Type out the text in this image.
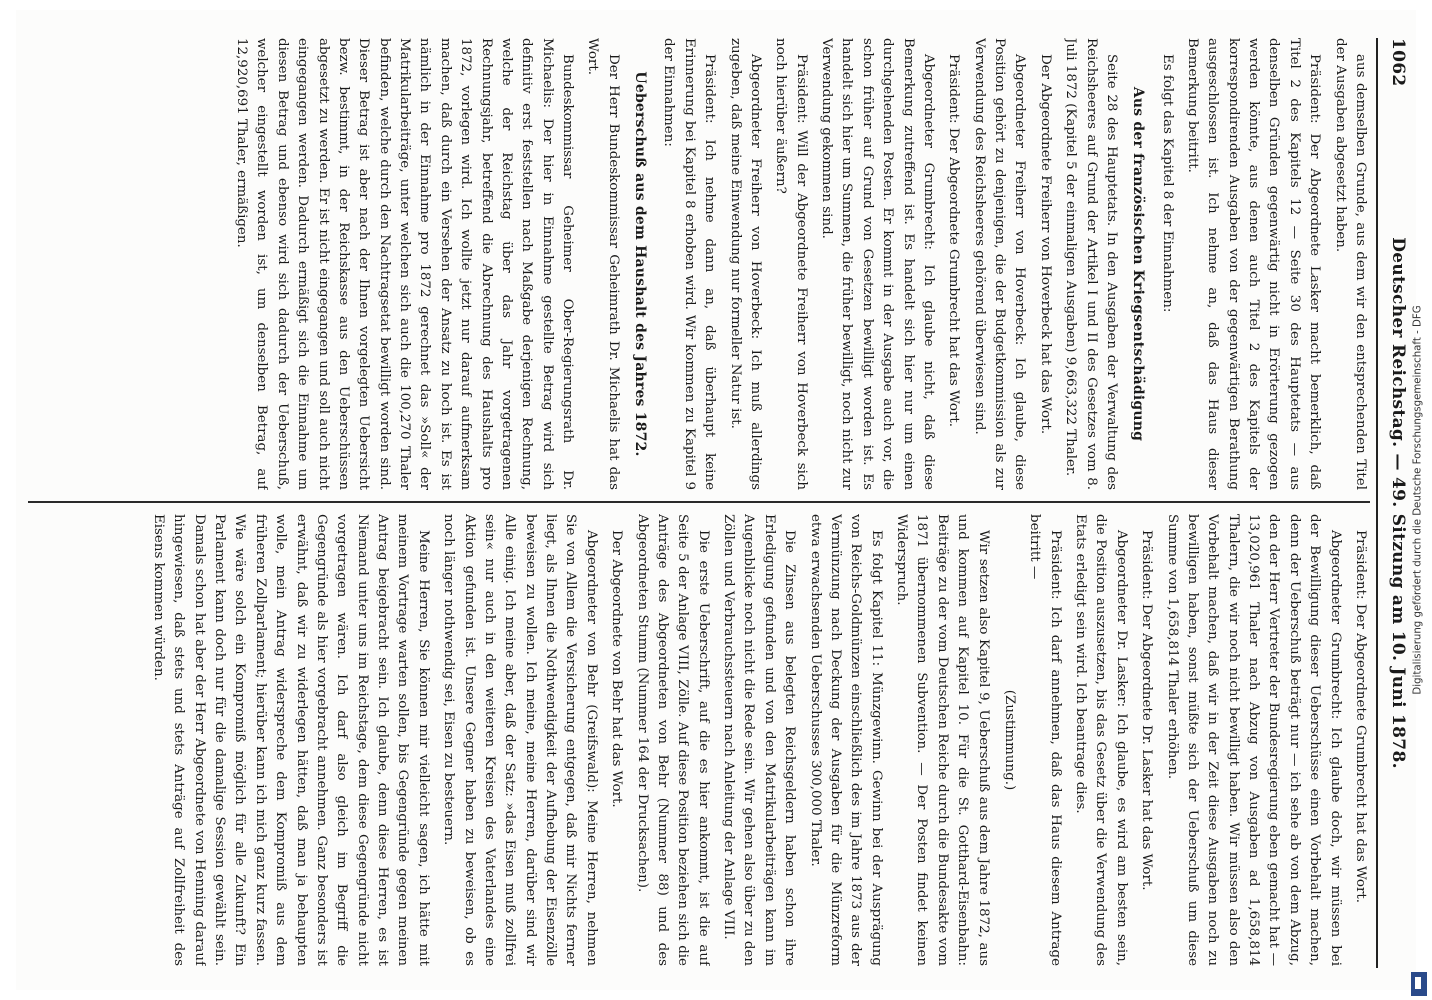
1062
Deutscher Reichstag. — 49. Sitzung am 10. Juni 1878.

aus demselben Grunde, aus dem wir den entsprechenden Titel der Ausgaben abgesetzt haben.

Präsident: Der Abgeordnete Lasker macht bemerklich, daß Titel 2 des Kapitels 12 — Seite 30 des Hauptetats — aus denselben Gründen gegenwärtig nicht in Erörterung gezogen werden könnte, aus denen auch Titel 2 des Kapitels der korrespondirenden Ausgaben von der gegenwärtigen Berathung ausgeschlossen ist. Ich nehme an, daß das Haus dieser Bemerkung beitritt.

Es folgt das Kapitel 8 der Einnahmen:

Aus der französischen Kriegsentschädigung

Seite 28 des Hauptetats. In den Ausgaben der Verwaltung des Reichsheeres auf Grund der Artikel I und II des Gesetzes vom 8. Juli 1872 (Kapitel 5 der einmaligen Ausgaben) 9,663,322 Thaler.

Der Abgeordnete Freiherr von Hoverbeck hat das Wort.

Abgeordneter Freiherr von Hoverbeck: Ich glaube, diese Position gehört zu denjenigen, die der Budgetkommission als zur Verwendung des Reichsheeres gehörend überwiesen sind.

Präsident: Der Abgeordnete Grumbrecht hat das Wort.

Abgeordneter Grumbrecht: Ich glaube nicht, daß diese Bemerkung zutreffend ist. Es handelt sich hier nur um einen durchgehenden Posten. Er kommt in der Ausgabe auch vor, die schon früher auf Grund von Gesetzen bewilligt worden ist. Es handelt sich hier um Summen, die früher bewilligt, noch nicht zur Verwendung gekommen sind.

Präsident: Will der Abgeordnete Freiherr von Hoverbeck sich noch hierüber äußern?

Abgeordneter Freiherr von Hoverbeck: Ich muß allerdings zugeben, daß meine Einwendung nur formeller Natur ist.

Präsident: Ich nehme dann an, daß überhaupt keine Erinnerung bei Kapitel 8 erhoben wird. Wir kommen zu Kapitel 9 der Einnahmen:

Ueberschuß aus dem Haushalt des Jahres 1872.

Der Herr Bundeskommissar Geheimrath Dr. Michaelis hat das Wort.

Bundeskommissar Geheimer Ober-Regierungsrath Dr. Michaelis: Der hier in Einnahme gestellte Betrag wird sich definitiv erst feststellen nach Maßgabe derjenigen Rechnung, welche der Reichstag über das Jahr vorgetragenen Rechnungsjahr, betreffend die Abrechnung des Haushalts pro 1872, vorlegen wird. Ich wollte jetzt nur darauf aufmerksam machen, daß durch ein Versehen der Ansatz zu hoch ist. Es ist nämlich in der Einnahme pro 1872 gerechnet das »Soll« der Matrikularbeiträge, unter welchen sich auch die 100,270 Thaler befinden, welche durch den Nachtragsetat bewilligt worden sind. Dieser Betrag ist aber nach der Ihnen vorgelegten Uebersicht bezw. bestimmt, in der Reichskasse aus den Ueberschüssen abgesetzt zu werden. Er ist nicht eingegangen und soll auch nicht eingegangen werden. Dadurch ermäßigt sich die Einnahme um diesen Betrag und ebenso wird sich dadurch der Ueberschuß, welcher eingestellt worden ist, um denselben Betrag, auf 12,920,691 Thaler, ermäßigen.

Präsident: Der Abgeordnete Grumbrecht hat das Wort.

Abgeordneter Grumbrecht: Ich glaube doch, wir müssen bei der Bewilligung dieser Ueberschüsse einen Vorbehalt machen, denn der Ueberschuß beträgt nur — ich sehe ab von dem Abzug, den der Herr Vertreter der Bundesregierung eben gemacht hat — 13,020,961 Thaler nach Abzug von Ausgaben ad 1,658,814 Thalern, die wir noch nicht bewilligt haben. Wir müssen also den Vorbehalt machen, daß wir in der Zeit diese Ausgaben noch zu bewilligen haben, sonst müßte sich der Ueberschuß um diese Summe von 1,658,814 Thaler erhöhen.

Präsident: Der Abgeordnete Dr. Lasker hat das Wort.

Abgeordneter Dr. Lasker: Ich glaube, es wird am besten sein, die Position auszusetzen, bis das Gesetz über die Verwendung des Etats erledigt sein wird. Ich beantrage dies.

Präsident: Ich darf annehmen, daß das Haus diesem Antrage beitritt —

(Zustimmung.)

Wir setzen also Kapitel 9, Ueberschuß aus dem Jahre 1872, aus und kommen auf Kapitel 10. Für die St. Gotthard-Eisenbahn: Beiträge zu der vom Deutschen Reiche durch die Bundesakte vom 1871 übernommenen Subvention. — Der Posten findet keinen Widerspruch.

Es folgt Kapitel 11: Münzgewinn. Gewinn bei der Ausprägung von Reichs-Goldmünzen einschließlich des im Jahre 1873 aus der Vermünzung nach Deckung der Ausgaben für die Münzreform etwa erwachsenden Ueberschusses 300,000 Thaler.

Die Zinsen aus belegten Reichsgeldern haben schon ihre Erledigung gefunden und von den Matrikularbeiträgen kann im Augenblicke noch nicht die Rede sein. Wir gehen also über zu den Zöllen und Verbrauchssteuern nach Anleitung der Anlage VIII.

Die erste Ueberschrift, auf die es hier ankommt, ist die auf Seite 5 der Anlage VIII, Zölle. Auf diese Position beziehen sich die Anträge des Abgeordneten von Behr (Nummer 88) und des Abgeordneten Stumm (Nummer 164 der Drucksachen).

Der Abgeordnete von Behr hat das Wort.

Abgeordneter von Behr (Greifswald): Meine Herren, nehmen Sie von Allem die Versicherung entgegen, daß mir Nichts ferner liegt, als Ihnen die Nothwendigkeit der Aufhebung der Eisenzölle beweisen zu wollen. Ich meine, meine Herren, darüber sind wir Alle einig. Ich meine aber, daß der Satz: »das Eisen muß zollfrei sein« nur auch in den weiteren Kreisen des Vaterlandes eine Aktion gefunden ist. Unsere Gegner haben zu beweisen, ob es noch länger nothwendig sei, Eisen zu besteuern.

Meine Herren, Sie können mir vielleicht sagen, ich hätte mit meinem Vortrage warten sollen, bis Gegengründe gegen meinen Antrag beigebracht sein. Ich glaube, denn diese Herren, es ist Niemand unter uns im Reichstage, dem diese Gegengründe nicht vorgetragen wären. Ich darf also gleich im Begriff die Gegengründe als hier vorgebracht annehmen. Ganz besonders ist erwähnt, daß wir zu widerlegen hätten, daß man ja behaupten wolle, mein Antrag widerspreche dem Kompromiß aus dem früheren Zollparlament; hierüber kann ich mich ganz kurz fassen. Wie wäre solch ein Kompromiß möglich für alle Zukunft? Ein Parlament kann doch nur für die damalige Session gewählt sein. Damals schon hat aber der Herr Abgeordnete von Henning darauf hingewiesen, daß stets und stets Anträge auf Zollfreiheit des Eisens kommen würden.	Digitalisierung gefördert durch die Deutsche Forschungsgemeinschaft - DFG
